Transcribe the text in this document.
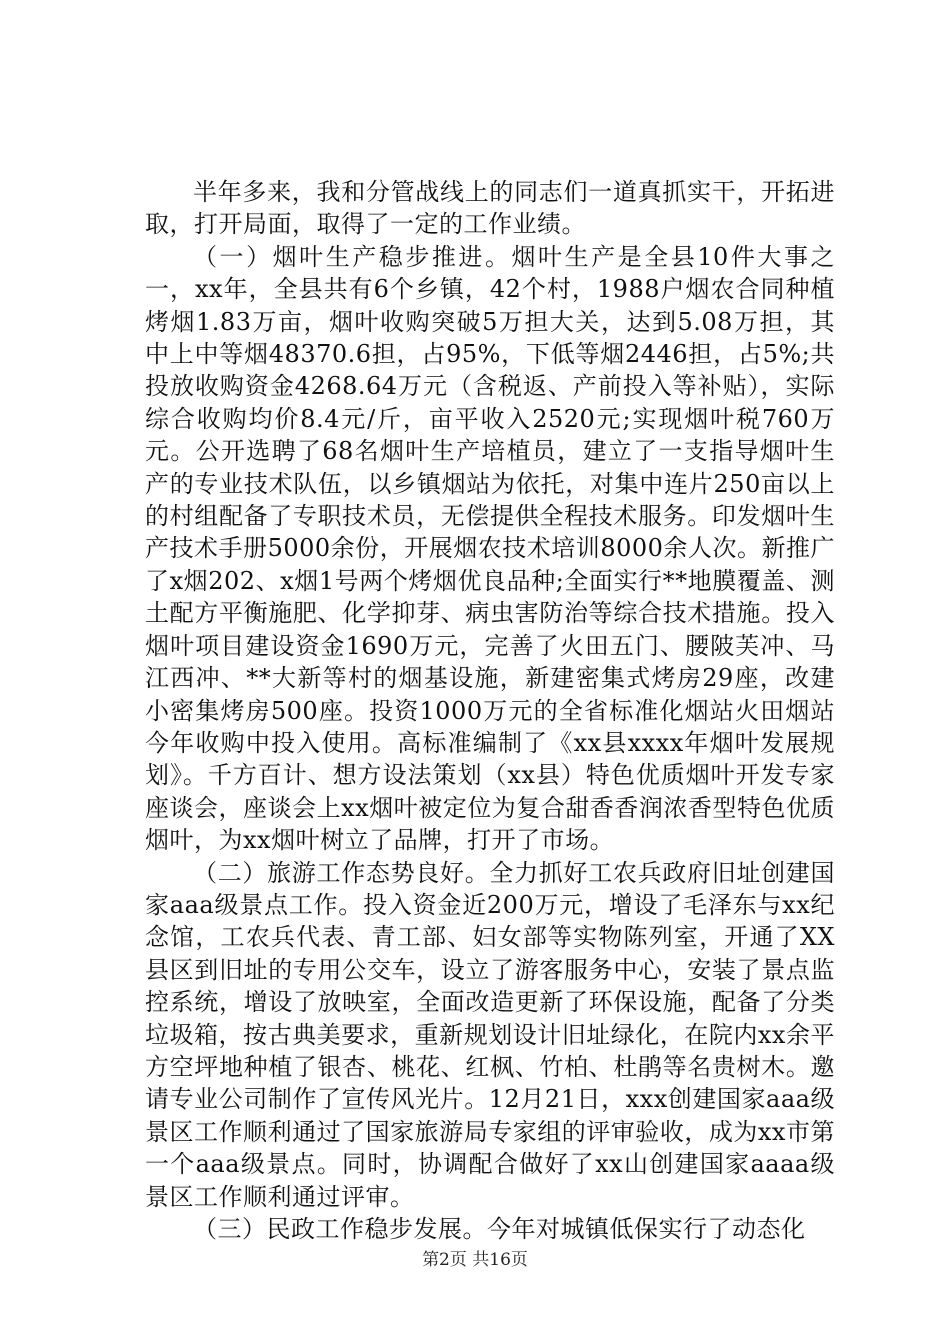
半年多来，我和分管战线上的同志们一道真抓实干，开拓进取，打开局面，取得了一定的工作业绩。

（一）烟叶生产稳步推进。烟叶生产是全县10件大事之一，xx年，全县共有6个乡镇，42个村，1988户烟农合同种植烤烟1.83万亩，烟叶收购突破5万担大关，达到5.08万担，其中上中等烟48370.6担，占95%，下低等烟2446担，占5%;共投放收购资金4268.64万元（含税返、产前投入等补贴），实际综合收购均价8.4元/斤，亩平收入2520元;实现烟叶税760万元。公开选聘了68名烟叶生产培植员，建立了一支指导烟叶生产的专业技术队伍，以乡镇烟站为依托，对集中连片250亩以上的村组配备了专职技术员，无偿提供全程技术服务。印发烟叶生产技术手册5000余份，开展烟农技术培训8000余人次。新推广了x烟202、x烟1号两个烤烟优良品种;全面实行**地膜覆盖、测土配方平衡施肥、化学抑芽、病虫害防治等综合技术措施。投入烟叶项目建设资金1690万元，完善了火田五门、腰陂芙冲、马江西冲、**大新等村的烟基设施，新建密集式烤房29座，改建小密集烤房500座。投资1000万元的全省标准化烟站火田烟站今年收购中投入使用。高标准编制了《xx县xxxx年烟叶发展规划》。千方百计、想方设法策划（xx县）特色优质烟叶开发专家座谈会，座谈会上xx烟叶被定位为复合甜香香润浓香型特色优质烟叶，为xx烟叶树立了品牌，打开了市场。

（二）旅游工作态势良好。全力抓好工农兵政府旧址创建国家aaa级景点工作。投入资金近200万元，增设了毛泽东与xx纪念馆，工农兵代表、青工部、妇女部等实物陈列室，开通了XX县区到旧址的专用公交车，设立了游客服务中心，安装了景点监控系统，增设了放映室，全面改造更新了环保设施，配备了分类垃圾箱，按古典美要求，重新规划设计旧址绿化，在院内xx余平方空坪地种植了银杏、桃花、红枫、竹柏、杜鹃等名贵树木。邀请专业公司制作了宣传风光片。12月21日，xxx创建国家aaa级景区工作顺利通过了国家旅游局专家组的评审验收，成为xx市第一个aaa级景点。同时，协调配合做好了xx山创建国家aaaa级景区工作顺利通过评审。

（三）民政工作稳步发展。今年对城镇低保实行了动态化

第2页 共16页
